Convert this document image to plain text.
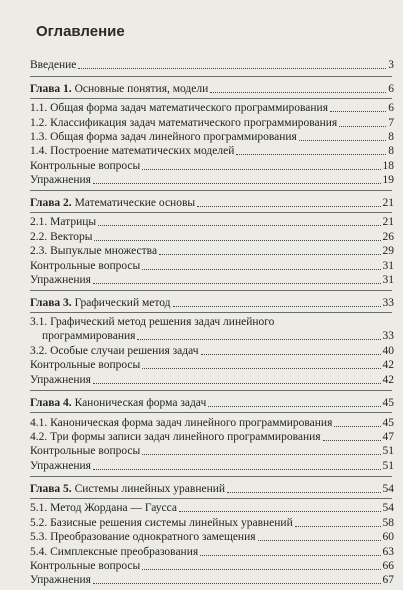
Оглавление
Введение	3
Глава 1. Основные понятия, модели	6
1.1. Общая форма задач математического программирования	6
1.2. Классификация задач математического программирования	7
1.3. Общая форма задач линейного программирования	8
1.4. Построение математических моделей	8
Контрольные вопросы	18
Упражнения	19
Глава 2. Математические основы	21
2.1. Матрицы	21
2.2. Векторы	26
2.3. Выпуклые множества	29
Контрольные вопросы	31
Упражнения	31
Глава 3. Графический метод	33
3.1. Графический метод решения задач линейного
программирования	33
3.2. Особые случаи решения задач	40
Контрольные вопросы	42
Упражнения	42
Глава 4. Каноническая форма задач	45
4.1. Каноническая форма задач линейного программирования	45
4.2. Три формы записи задач линейного программирования	47
Контрольные вопросы	51
Упражнения	51
Глава 5. Системы линейных уравнений	54
5.1. Метод Жордана — Гаусса	54
5.2. Базисные решения системы линейных уравнений	58
5.3. Преобразование однократного замещения	60
5.4. Симплексные преобразования	63
Контрольные вопросы	66
Упражнения	67
